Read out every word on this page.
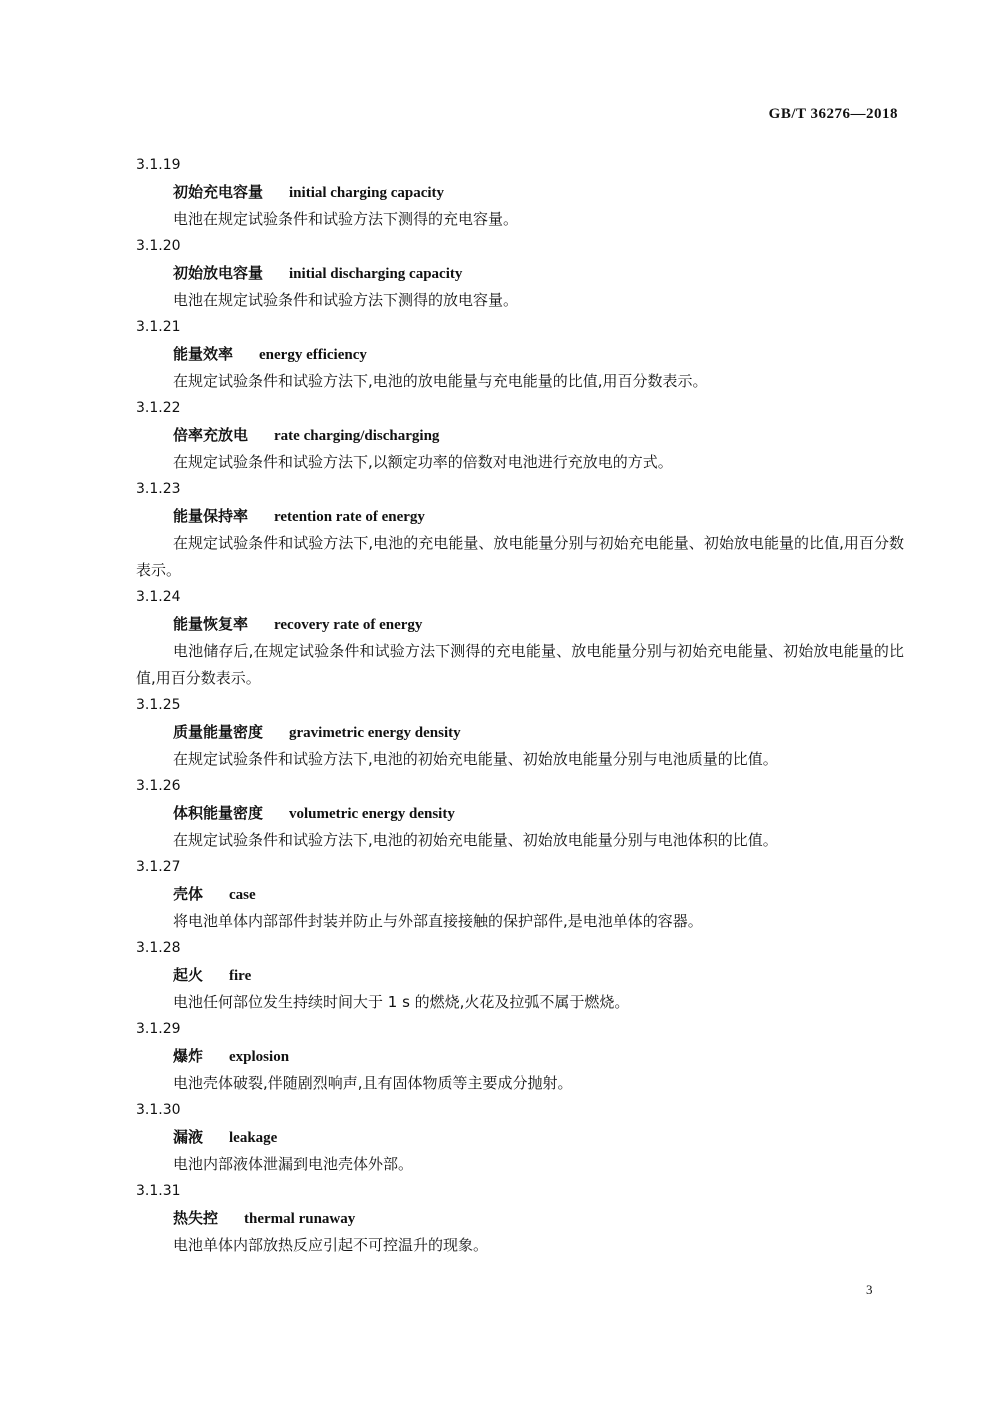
GB/T 36276—2018
3.1.19
初始充电容量 initial charging capacity

电池在规定试验条件和试验方法下测得的充电容量。

3.1.20
初始放电容量 initial discharging capacity

电池在规定试验条件和试验方法下测得的放电容量。

3.1.21
能量效率 energy efficiency

在规定试验条件和试验方法下,电池的放电能量与充电能量的比值,用百分数表示。

3.1.22
倍率充放电 rate charging/discharging

在规定试验条件和试验方法下,以额定功率的倍数对电池进行充放电的方式。

3.1.23
能量保持率 retention rate of energy

在规定试验条件和试验方法下,电池的充电能量、放电能量分别与初始充电能量、初始放电能量的比值,用百分数表示。

3.1.24
能量恢复率 recovery rate of energy

电池储存后,在规定试验条件和试验方法下测得的充电能量、放电能量分别与初始充电能量、初始放电能量的比值,用百分数表示。

3.1.25
质量能量密度 gravimetric energy density

在规定试验条件和试验方法下,电池的初始充电能量、初始放电能量分别与电池质量的比值。

3.1.26
体积能量密度 volumetric energy density

在规定试验条件和试验方法下,电池的初始充电能量、初始放电能量分别与电池体积的比值。

3.1.27
壳体 case

将电池单体内部部件封装并防止与外部直接接触的保护部件,是电池单体的容器。

3.1.28
起火 fire

电池任何部位发生持续时间大于 1 s 的燃烧,火花及拉弧不属于燃烧。

3.1.29
爆炸 explosion

电池壳体破裂,伴随剧烈响声,且有固体物质等主要成分抛射。

3.1.30
漏液 leakage

电池内部液体泄漏到电池壳体外部。

3.1.31
热失控 thermal runaway

电池单体内部放热反应引起不可控温升的现象。

3
